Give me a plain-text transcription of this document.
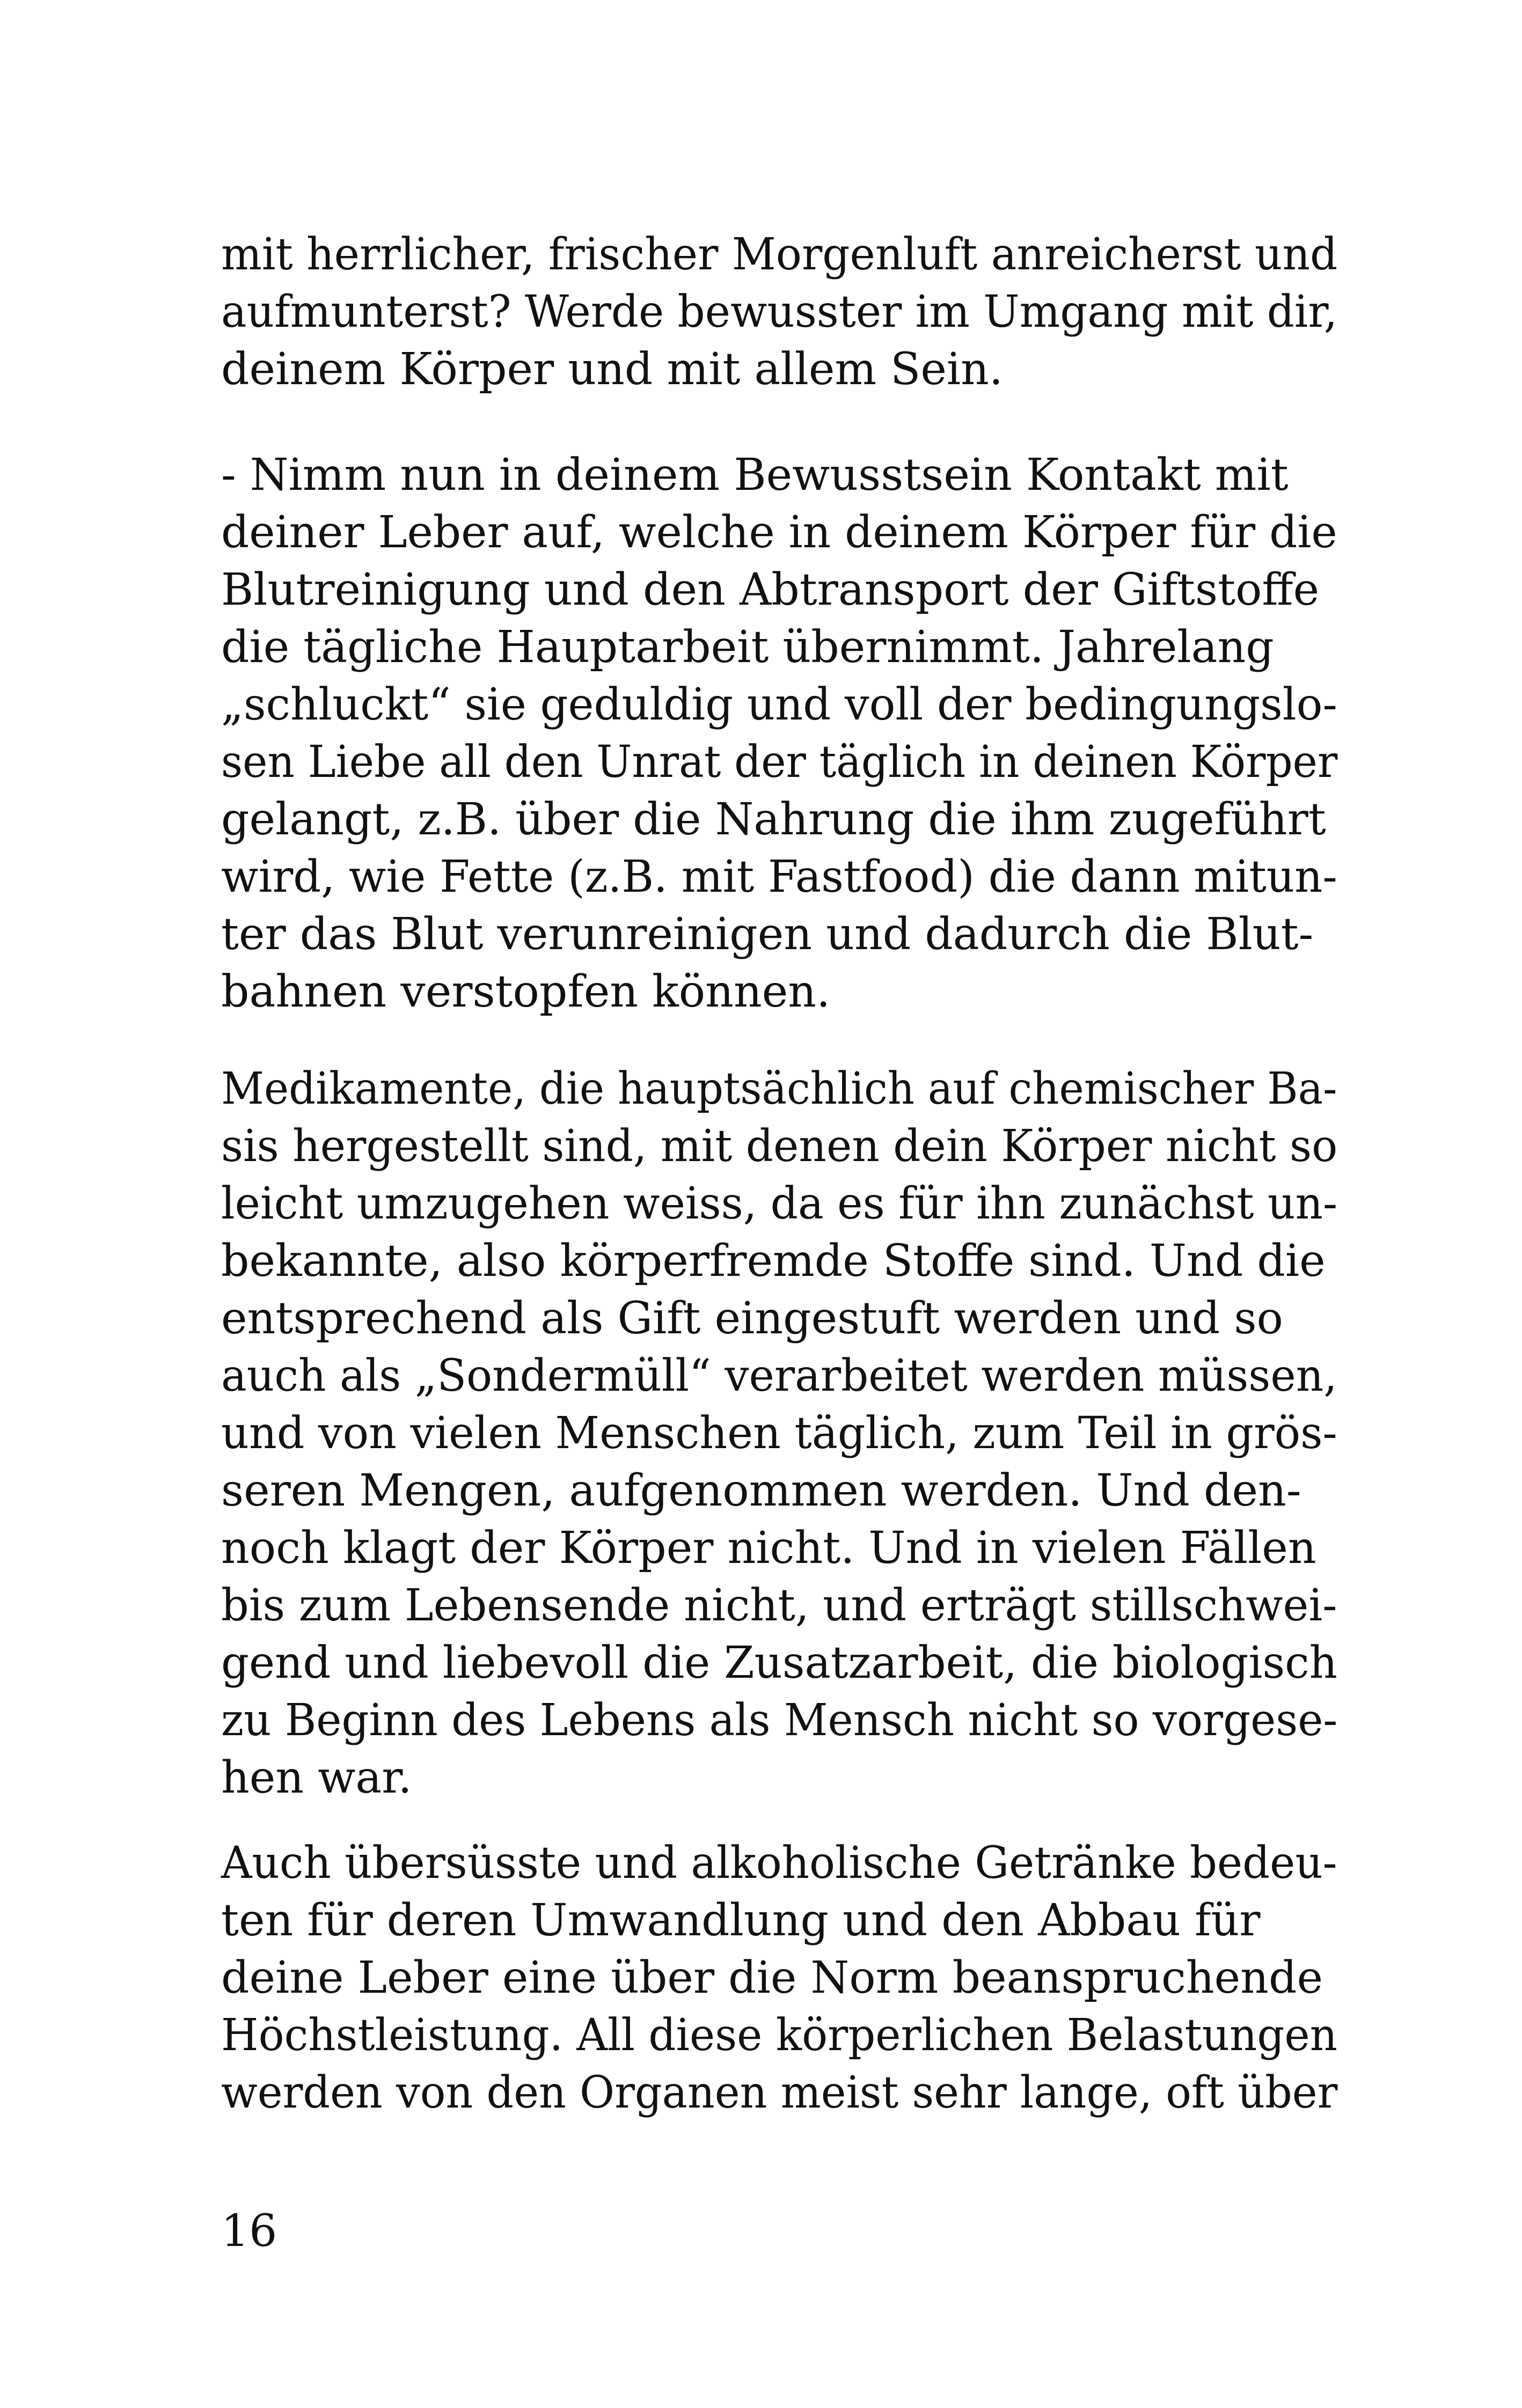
mit herrlicher, frischer Morgenluft anreicherst und
aufmunterst? Werde bewusster im Umgang mit dir,
deinem Körper und mit allem Sein.
- Nimm nun in deinem Bewusstsein Kontakt mit
deiner Leber auf, welche in deinem Körper für die
Blutreinigung und den Abtransport der Giftstoffe
die tägliche Hauptarbeit übernimmt. Jahrelang
„schluckt“ sie geduldig und voll der bedingungslo-
sen Liebe all den Unrat der täglich in deinen Körper
gelangt, z.B. über die Nahrung die ihm zugeführt
wird, wie Fette (z.B. mit Fastfood) die dann mitun-
ter das Blut verunreinigen und dadurch die Blut-
bahnen verstopfen können.
Medikamente, die hauptsächlich auf chemischer Ba-
sis hergestellt sind, mit denen dein Körper nicht so
leicht umzugehen weiss, da es für ihn zunächst un-
bekannte, also körperfremde Stoffe sind. Und die
entsprechend als Gift eingestuft werden und so
auch als „Sondermüll“ verarbeitet werden müssen,
und von vielen Menschen täglich, zum Teil in grös-
seren Mengen, aufgenommen werden. Und den-
noch klagt der Körper nicht. Und in vielen Fällen
bis zum Lebensende nicht, und erträgt stillschwei-
gend und liebevoll die Zusatzarbeit, die biologisch
zu Beginn des Lebens als Mensch nicht so vorgese-
hen war.
Auch übersüsste und alkoholische Getränke bedeu-
ten für deren Umwandlung und den Abbau für
deine Leber eine über die Norm beanspruchende
Höchstleistung. All diese körperlichen Belastungen
werden von den Organen meist sehr lange, oft über
16
